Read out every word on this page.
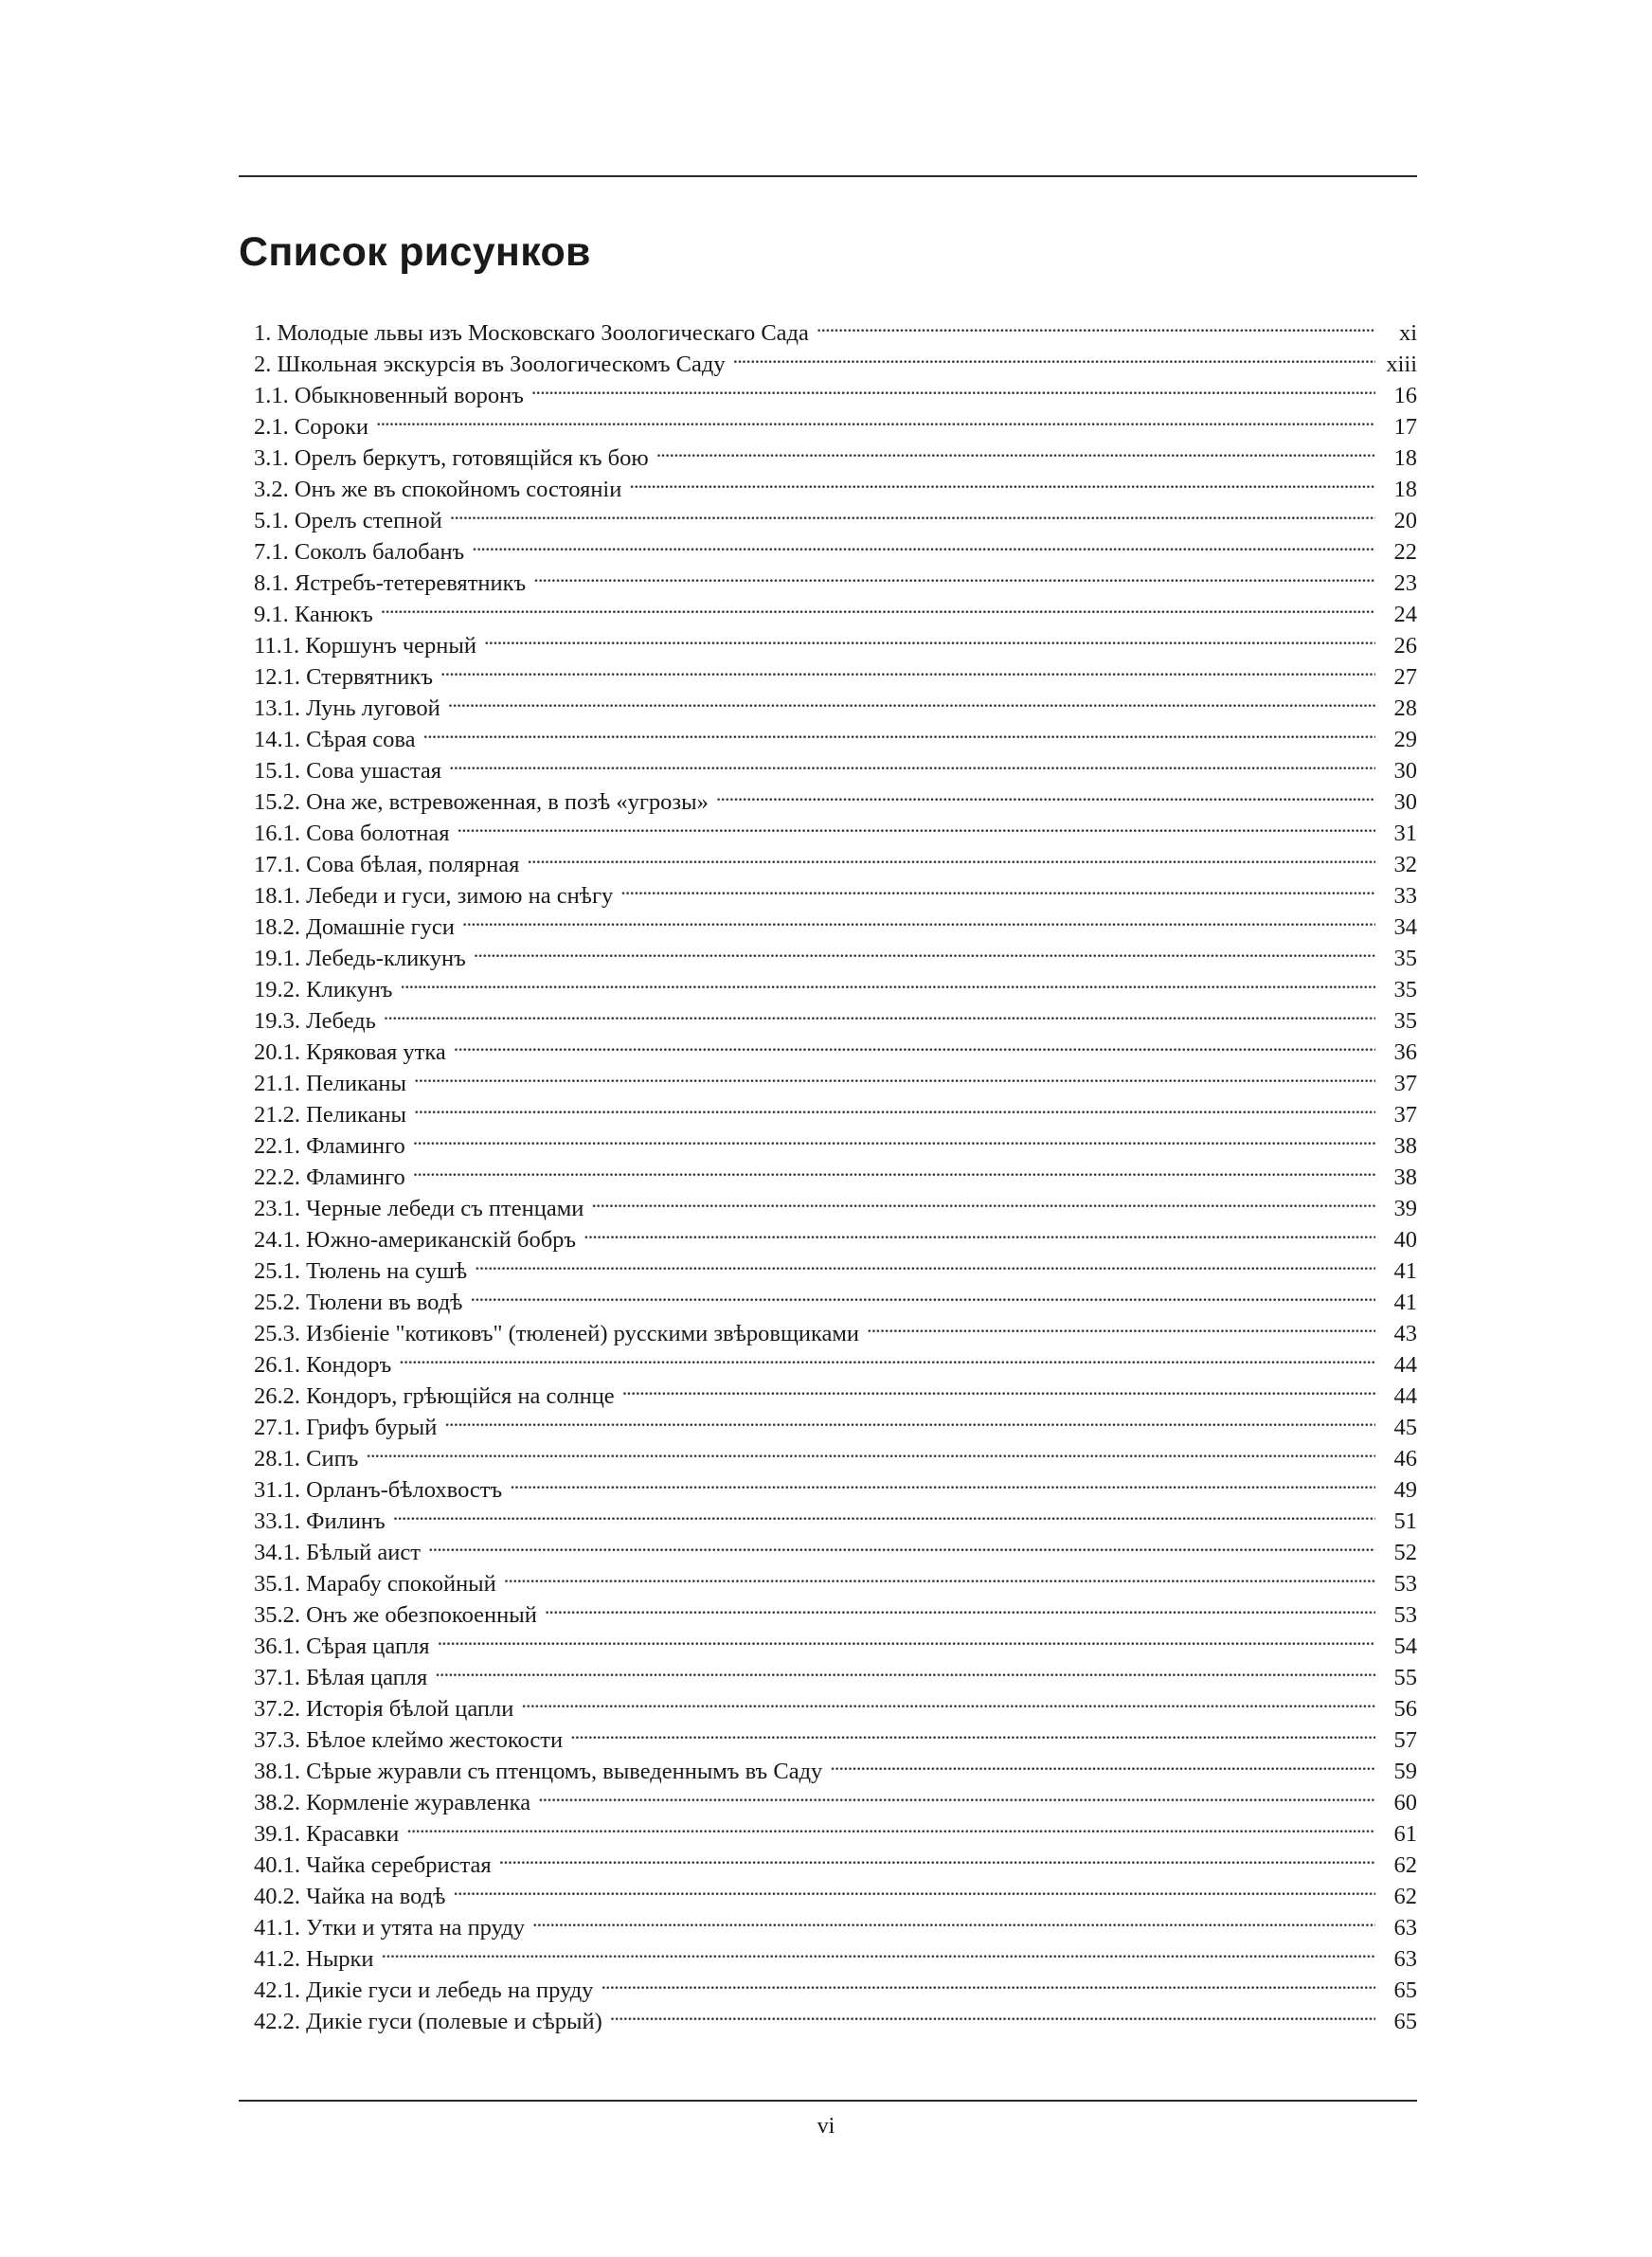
Список рисунков
1. Молодые львы изъ Московскаго Зоологическаго Сада . . .	xi
2. Школьная экскурсія въ Зоологическомъ Саду . . .	xiii
1.1. Обыкновенный воронъ . . .	16
2.1. Сороки . . .	17
3.1. Орелъ беркутъ, готовящійся къ бою . . .	18
3.2. Онъ же въ спокойномъ состояніи . . .	18
5.1. Орелъ степной . . .	20
7.1. Соколъ балобанъ . . .	22
8.1. Ястребъ-тетеревятникъ . . .	23
9.1. Канюкъ . . .	24
11.1. Коршунъ черный . . .	26
12.1. Стервятникъ . . .	27
13.1. Лунь луговой . . .	28
14.1. Сѣрая сова . . .	29
15.1. Сова ушастая . . .	30
15.2. Она же, встревоженная, в позѣ «угрозы» . . .	30
16.1. Сова болотная . . .	31
17.1. Сова бѣлая, полярная . . .	32
18.1. Лебеди и гуси, зимою на снѣгу . . .	33
18.2. Домашніе гуси . . .	34
19.1. Лебедь-кликунъ . . .	35
19.2. Кликунъ . . .	35
19.3. Лебедь . . .	35
20.1. Кряковая утка . . .	36
21.1. Пеликаны . . .	37
21.2. Пеликаны . . .	37
22.1. Фламинго . . .	38
22.2. Фламинго . . .	38
23.1. Черные лебеди съ птенцами . . .	39
24.1. Южно-американскій бобръ . . .	40
25.1. Тюлень на сушѣ . . .	41
25.2. Тюлени въ водѣ . . .	41
25.3. Избіеніе "котиковъ" (тюленей) русскими звѣровщиками . . .	43
26.1. Кондоръ . . .	44
26.2. Кондоръ, грѣющійся на солнце . . .	44
27.1. Грифъ бурый . . .	45
28.1. Сипъ . . .	46
31.1. Орланъ-бѣлохвостъ . . .	49
33.1. Филинъ . . .	51
34.1. Бѣлый аист . . .	52
35.1. Марабу спокойный . . .	53
35.2. Онъ же обезпокоенный . . .	53
36.1. Сѣрая цапля . . .	54
37.1. Бѣлая цапля . . .	55
37.2. Исторія бѣлой цапли . . .	56
37.3. Бѣлое клеймо жестокости . . .	57
38.1. Сѣрые журавли съ птенцомъ, выведеннымъ въ Саду . . .	59
38.2. Кормленіе журавленка . . .	60
39.1. Красавки . . .	61
40.1. Чайка серебристая . . .	62
40.2. Чайка на водѣ . . .	62
41.1. Утки и утята на пруду . . .	63
41.2. Нырки . . .	63
42.1. Дикіе гуси и лебедь на пруду . . .	65
42.2. Дикіе гуси (полевые и сѣрый) . . .	65
vi
